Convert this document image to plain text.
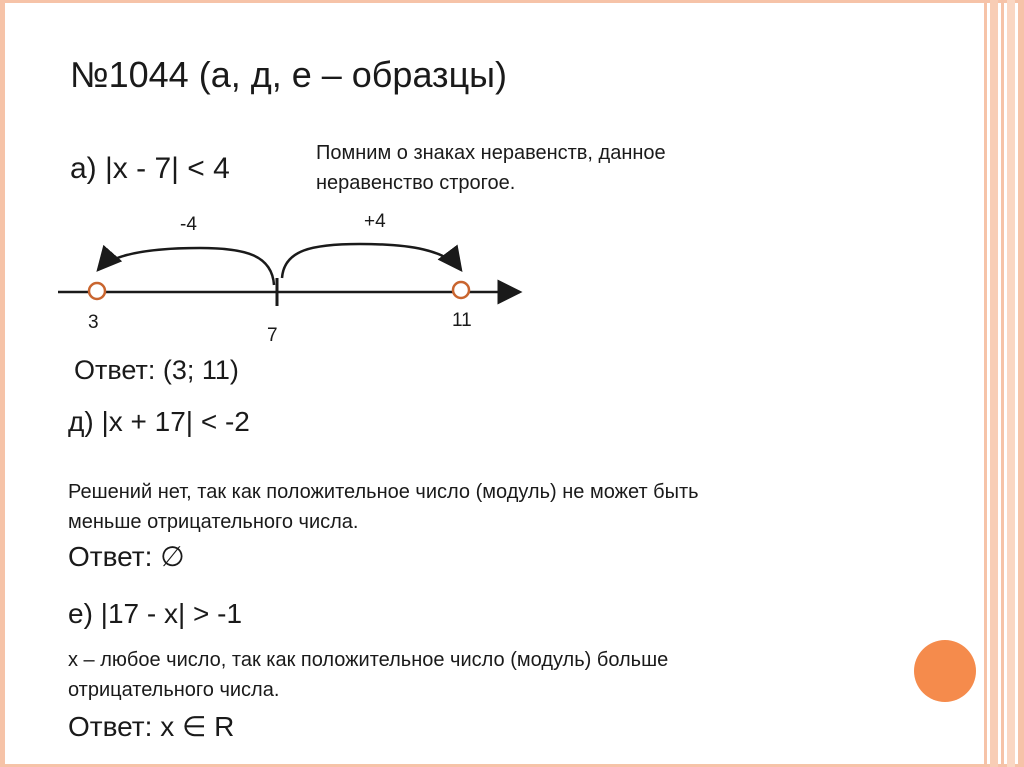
№1044 (а, д, е – образцы)

а) |x - 7| < 4	Помним о знаках неравенств, данное

неравенство строгое.

-4	+4

3

7

11

Ответ: (3; 11)

д) |x + 17| < -2

Решений нет, так как положительное число (модуль) не может быть

меньше отрицательного числа.

Ответ: ∅

е) |17 - x| > -1

x – любое число, так как положительное число (модуль) больше

отрицательного числа.

Ответ: x ∈ R
